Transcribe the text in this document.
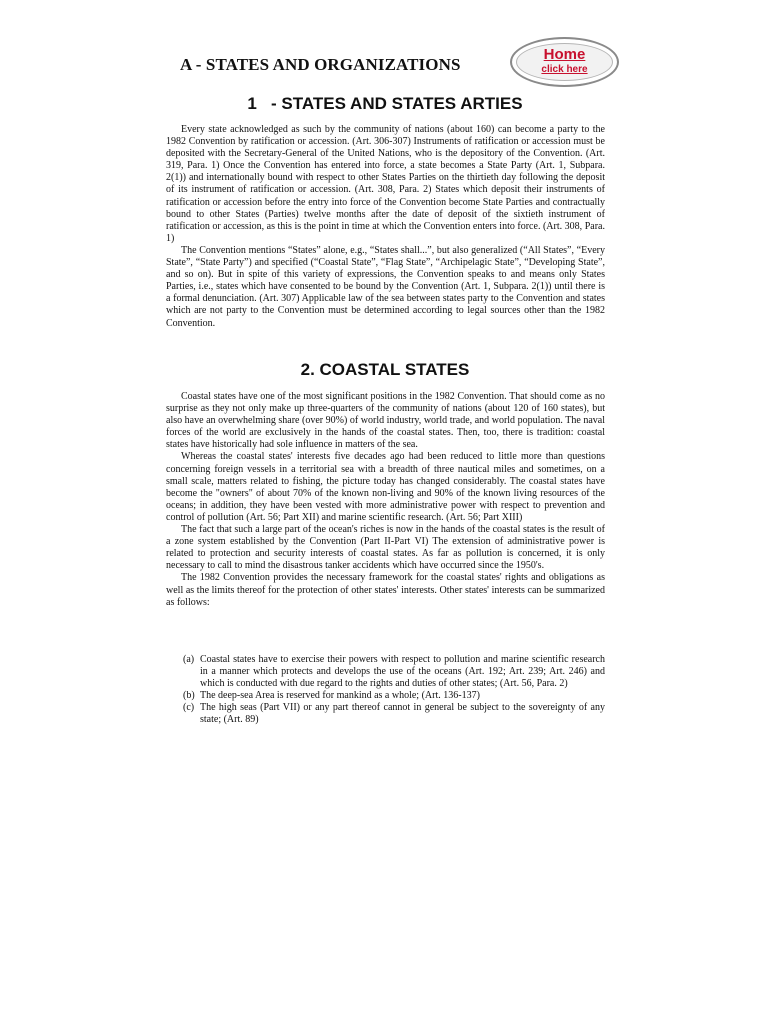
A - STATES AND ORGANIZATIONS
Home
click here
1   - STATES AND STATES ARTIES

Every state acknowledged as such by the community of nations (about 160) can become a party to the 1982 Convention by ratification or accession. (Art. 306-307) Instruments of ratification or accession must be deposited with the Secretary-General of the United Nations, who is the depository of the Convention. (Art. 319, Para. 1) Once the Convention has entered into force, a state becomes a State Party (Art. 1, Subpara. 2(1)) and internationally bound with respect to other States Parties on the thirtieth day following the deposit of its instrument of ratification or accession. (Art. 308, Para. 2) States which deposit their instruments of ratification or accession before the entry into force of the Convention become State Parties and contractually bound to other States (Parties) twelve months after the date of deposit of the sixtieth instrument of ratification or accession, as this is the point in time at which the Convention enters into force. (Art. 308, Para. 1)

The Convention mentions “States” alone, e.g., “States shall...”, but also generalized (“All States”, “Every State”, “State Party”) and specified (“Coastal State”, “Flag State”, “Archipelagic State”, “Developing State”, and so on). But in spite of this variety of expressions, the Convention speaks to and means only States Parties, i.e., states which have consented to be bound by the Convention (Art. 1, Subpara. 2(1)) until there is a formal denunciation. (Art. 307) Applicable law of the sea between states party to the Convention and states which are not party to the Convention must be determined according to legal sources other than the 1982 Convention.

2. COASTAL STATES

Coastal states have one of the most significant positions in the 1982 Convention. That should come as no surprise as they not only make up three-quarters of the community of nations (about 120 of 160 states), but also have an overwhelming share (over 90%) of world industry, world trade, and world population. The naval forces of the world are exclusively in the hands of the coastal states. Then, too, there is tradition: coastal states have historically had sole influence in matters of the sea.

Whereas the coastal states' interests five decades ago had been reduced to little more than questions concerning foreign vessels in a territorial sea with a breadth of three nautical miles and sometimes, on a small scale, matters related to fishing, the picture today has changed considerably. The coastal states have become the "owners" of about 70% of the known non-living and 90% of the known living resources of the oceans; in addition, they have been vested with more administrative power with respect to prevention and control of pollution (Art. 56; Part XII) and marine scientific research. (Art. 56; Part XIII)

The fact that such a large part of the ocean's riches is now in the hands of the coastal states is the result of a zone system established by the Convention (Part II-Part VI) The extension of administrative power is related to protection and security interests of coastal states. As far as pollution is concerned, it is only necessary to call to mind the disastrous tanker accidents which have occurred since the 1950's.

The 1982 Convention provides the necessary framework for the coastal states' rights and obligations as well as the limits thereof for the protection of other states' interests. Other states' interests can be summarized as follows:

(a) Coastal states have to exercise their powers with respect to pollution and marine scientific research in a manner which protects and develops the use of the oceans (Art. 192; Art. 239; Art. 246) and which is conducted with due regard to the rights and duties of other states; (Art. 56, Para. 2)
(b) The deep-sea Area is reserved for mankind as a whole; (Art. 136-137)
(c) The high seas (Part VII) or any part thereof cannot in general be subject to the sovereignty of any state; (Art. 89)
